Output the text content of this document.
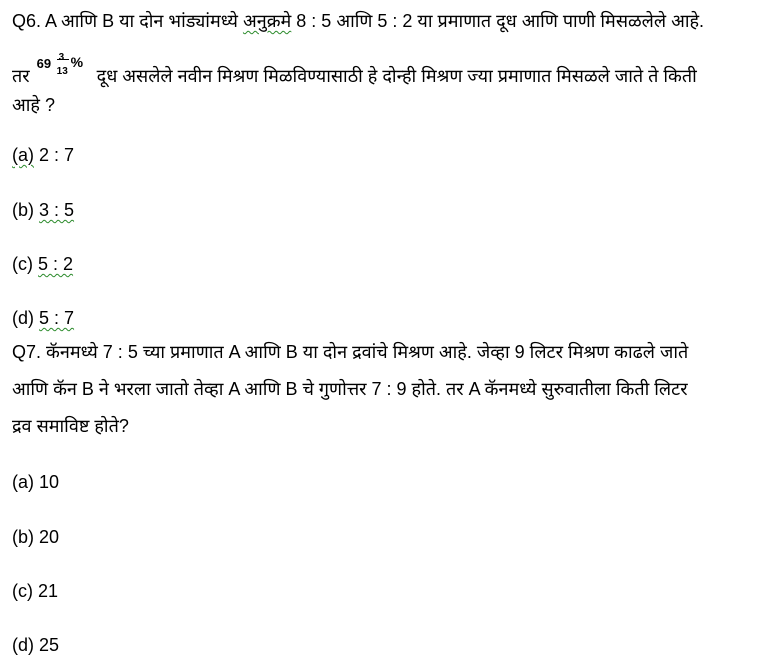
Q6. A आणि B या दोन भांड्यांमध्ये अनुक्रमे 8 : 5 आणि 5 : 2 या प्रमाणात दूध आणि पाणी मिसळलेले आहे.
तर
69 3
13
%
दूध असलेले नवीन मिश्रण मिळविण्यासाठी हे दोन्ही मिश्रण ज्या प्रमाणात मिसळले जाते ते किती
आहे ?
(a) 2 : 7
(b) 3 : 5
(c) 5 : 2
(d) 5 : 7
Q7. कॅनमध्ये 7 : 5 च्या प्रमाणात A आणि B या दोन द्रवांचे मिश्रण आहे. जेव्हा 9 लिटर मिश्रण काढले जाते
आणि कॅन B ने भरला जातो तेव्हा A आणि B चे गुणोत्तर 7 : 9 होते. तर A कॅनमध्ये सुरुवातीला किती लिटर
द्रव समाविष्ट होते?
(a) 10
(b) 20
(c) 21
(d) 25
